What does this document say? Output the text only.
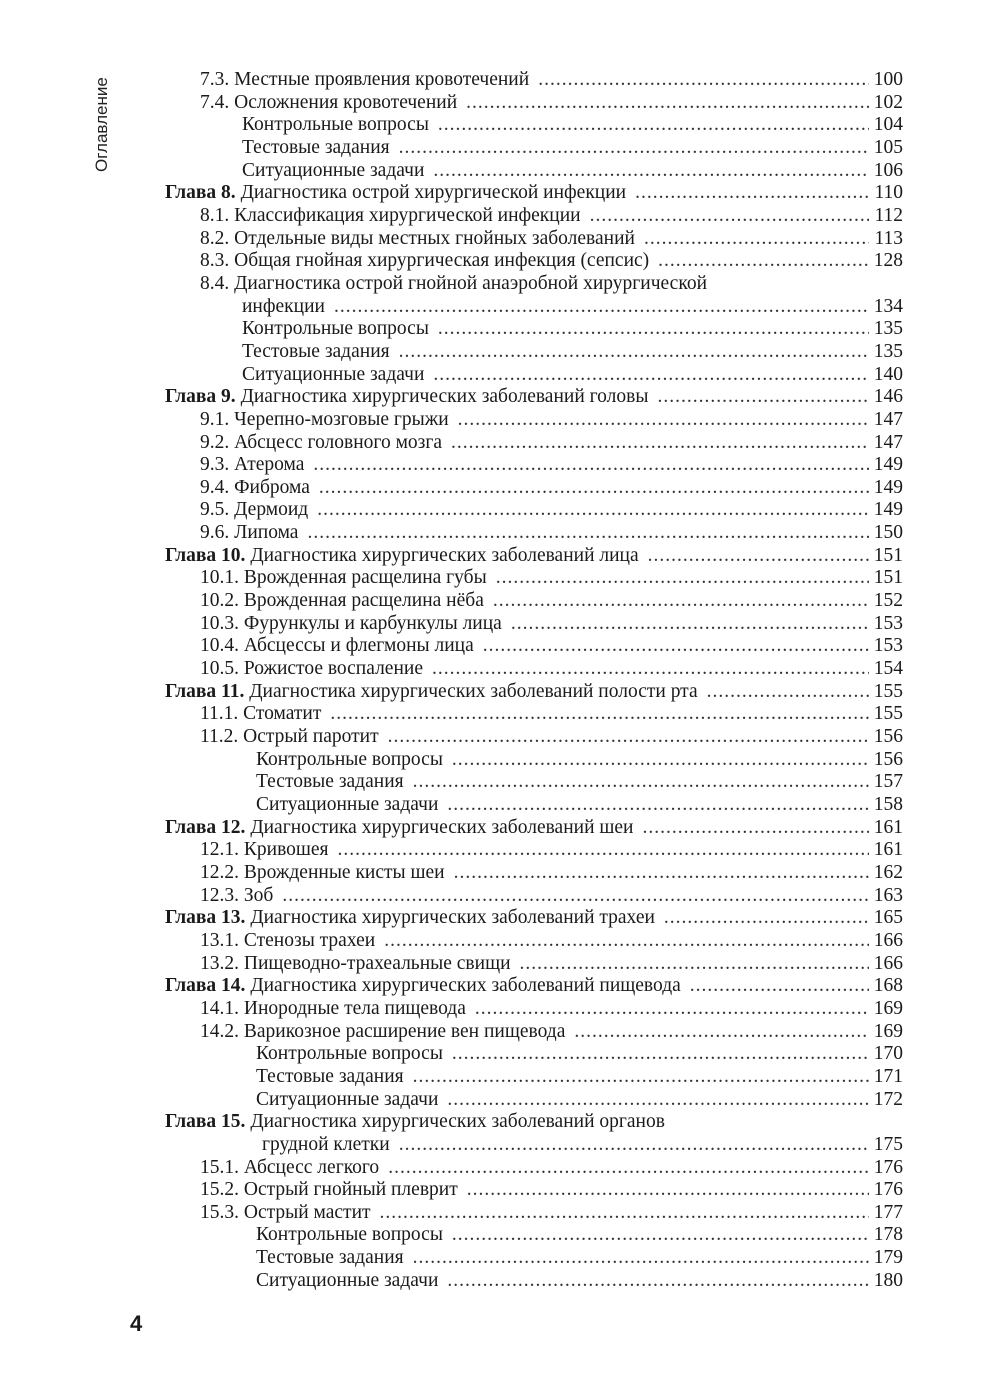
Оглавление	7.3. Местные проявления кровотечений .....	100
7.4. Осложнения кровотечений .....	102
Контрольные вопросы .....	104
Тестовые задания .....	105
Ситуационные задачи .....	106
Глава 8. Диагностика острой хирургической инфекции .....	110
8.1. Классификация хирургической инфекции .....	112
8.2. Отдельные виды местных гнойных заболеваний .....	113
8.3. Общая гнойная хирургическая инфекция (сепсис) .....	128
8.4. Диагностика острой гнойной анаэробной хирургической
инфекции .....	134
Контрольные вопросы .....	135
Тестовые задания .....	135
Ситуационные задачи .....	140
Глава 9. Диагностика хирургических заболеваний головы .....	146
9.1. Черепно-мозговые грыжи .....	147
9.2. Абсцесс головного мозга .....	147
9.3. Атерома .....	149
9.4. Фиброма .....	149
9.5. Дермоид .....	149
9.6. Липома .....	150
Глава 10. Диагностика хирургических заболеваний лица .....	151
10.1. Врожденная расщелина губы .....	151
10.2. Врожденная расщелина нёба .....	152
10.3. Фурункулы и карбункулы лица .....	153
10.4. Абсцессы и флегмоны лица .....	153
10.5. Рожистое воспаление .....	154
Глава 11. Диагностика хирургических заболеваний полости рта .....	155
11.1. Стоматит .....	155
11.2. Острый паротит .....	156
Контрольные вопросы .....	156
Тестовые задания .....	157
Ситуационные задачи .....	158
Глава 12. Диагностика хирургических заболеваний шеи .....	161
12.1. Кривошея .....	161
12.2. Врожденные кисты шеи .....	162
12.3. Зоб .....	163
Глава 13. Диагностика хирургических заболеваний трахеи .....	165
13.1. Стенозы трахеи .....	166
13.2. Пищеводно-трахеальные свищи .....	166
Глава 14. Диагностика хирургических заболеваний пищевода .....	168
14.1. Инородные тела пищевода .....	169
14.2. Варикозное расширение вен пищевода .....	169
Контрольные вопросы .....	170
Тестовые задания .....	171
Ситуационные задачи .....	172
Глава 15. Диагностика хирургических заболеваний органов
грудной клетки .....	175
15.1. Абсцесс легкого .....	176
15.2. Острый гнойный плеврит .....	176
15.3. Острый мастит .....	177
Контрольные вопросы .....	178
Тестовые задания .....	179
Ситуационные задачи .....	180
4
